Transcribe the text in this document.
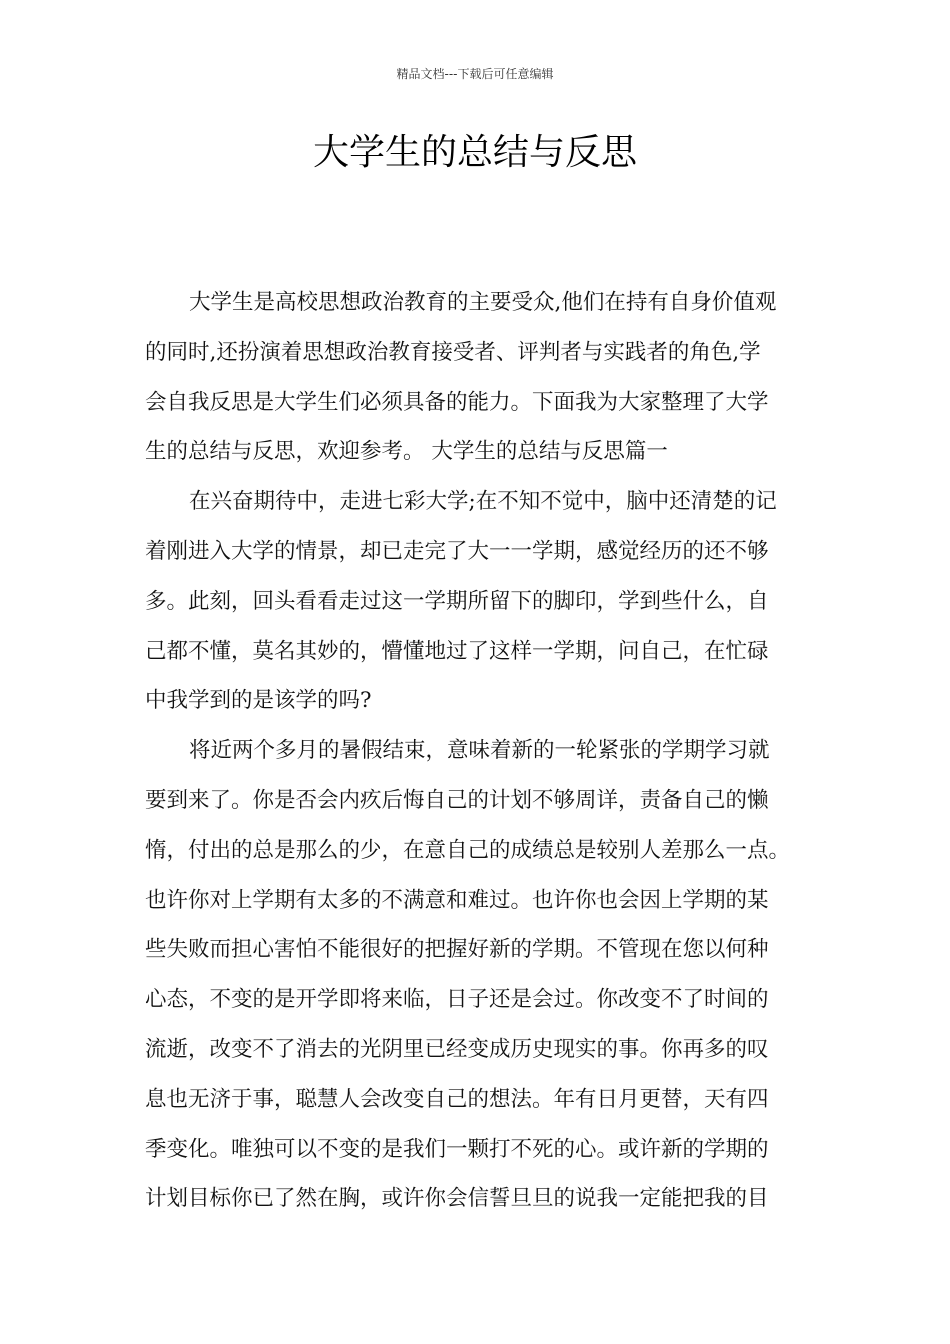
精品文档---下载后可任意编辑
大学生的总结与反思
大学生是高校思想政治教育的主要受众,他们在持有自身价值观
的同时,还扮演着思想政治教育接受者、评判者与实践者的角色,学
会自我反思是大学生们必须具备的能力。下面我为大家整理了大学
生的总结与反思，欢迎参考。 大学生的总结与反思篇一
在兴奋期待中，走进七彩大学;在不知不觉中，脑中还清楚的记
着刚进入大学的情景，却已走完了大一一学期，感觉经历的还不够
多。此刻，回头看看走过这一学期所留下的脚印，学到些什么，自
己都不懂，莫名其妙的，懵懂地过了这样一学期，问自己，在忙碌
中我学到的是该学的吗?
将近两个多月的暑假结束，意味着新的一轮紧张的学期学习就
要到来了。你是否会内疚后悔自己的计划不够周详，责备自己的懒
惰，付出的总是那么的少，在意自己的成绩总是较别人差那么一点。
也许你对上学期有太多的不满意和难过。也许你也会因上学期的某
些失败而担心害怕不能很好的把握好新的学期。不管现在您以何种
心态，不变的是开学即将来临，日子还是会过。你改变不了时间的
流逝，改变不了消去的光阴里已经变成历史现实的事。你再多的叹
息也无济于事，聪慧人会改变自己的想法。年有日月更替，天有四
季变化。唯独可以不变的是我们一颗打不死的心。或许新的学期的
计划目标你已了然在胸，或许你会信誓旦旦的说我一定能把我的目
